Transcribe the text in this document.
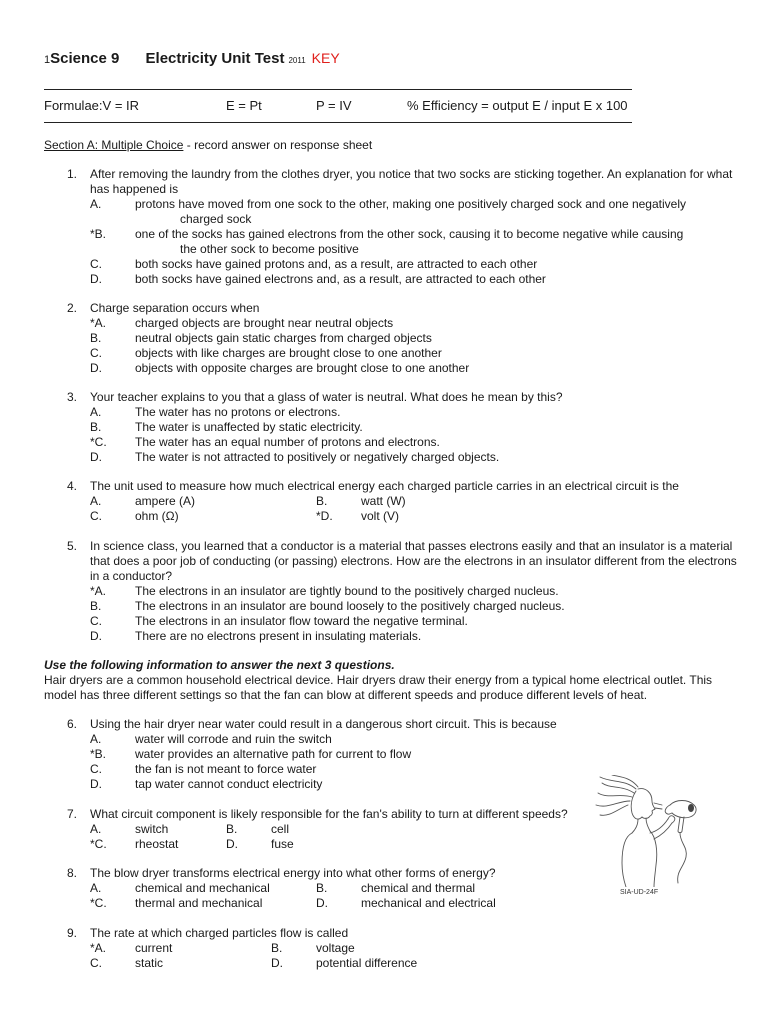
1Science 9 Electricity Unit Test 2011 KEY
Formulae:V = IR	E = Pt	P = IV	% Efficiency = output E / input E x 100
Section A: Multiple Choice - record answer on response sheet
1. After removing the laundry from the clothes dryer, you notice that two socks are sticking together. An explanation for what has happened is
A.	protons have moved from one sock to the other, making one positively charged sock and one negatively
charged sock
*B. one of the socks has gained electrons from the other sock, causing it to become negative while causing
the other sock to become positive
C.	both socks have gained protons and, as a result, are attracted to each other
D.	both socks have gained electrons and, as a result, are attracted to each other
2. Charge separation occurs when
*A. charged objects are brought near neutral objects
B.	neutral objects gain static charges from charged objects
C.	objects with like charges are brought close to one another
D.	objects with opposite charges are brought close to one another
3. Your teacher explains to you that a glass of water is neutral. What does he mean by this?
A.	The water has no protons or electrons.
B.	The water is unaffected by static electricity.
*C. The water has an equal number of protons and electrons.
D.	The water is not attracted to positively or negatively charged objects.
4. The unit used to measure how much electrical energy each charged particle carries in an electrical circuit is the
A.	ampere (A)	B.	watt (W)
C.	ohm (Ω)	*D. volt (V)
5. In science class, you learned that a conductor is a material that passes electrons easily and that an insulator is a material that does a poor job of conducting (or passing) electrons. How are the electrons in an insulator different from the electrons in a conductor?
*A. The electrons in an insulator are tightly bound to the positively charged nucleus.
B.	The electrons in an insulator are bound loosely to the positively charged nucleus.
C.	The electrons in an insulator flow toward the negative terminal.
D.	There are no electrons present in insulating materials.
Use the following information to answer the next 3 questions.
Hair dryers are a common household electrical device. Hair dryers draw their energy from a typical home electrical outlet. This model has three different settings so that the fan can blow at different speeds and produce different levels of heat.
6. Using the hair dryer near water could result in a dangerous short circuit. This is because
A.	water will corrode and ruin the switch
*B. water provides an alternative path for current to flow
C.	the fan is not meant to force water
D.	tap water cannot conduct electricity
7. What circuit component is likely responsible for the fan's ability to turn at different speeds?
A.	switch	B.	cell
*C. rheostat	D.	fuse
8. The blow dryer transforms electrical energy into what other forms of energy?
A.	chemical and mechanical	B.	chemical and thermal
*C. thermal and mechanical	D.	mechanical and electrical
9. The rate at which charged particles flow is called
*A. current	B.	voltage
C.	static	D.	potential difference
SIA-UD-24F
